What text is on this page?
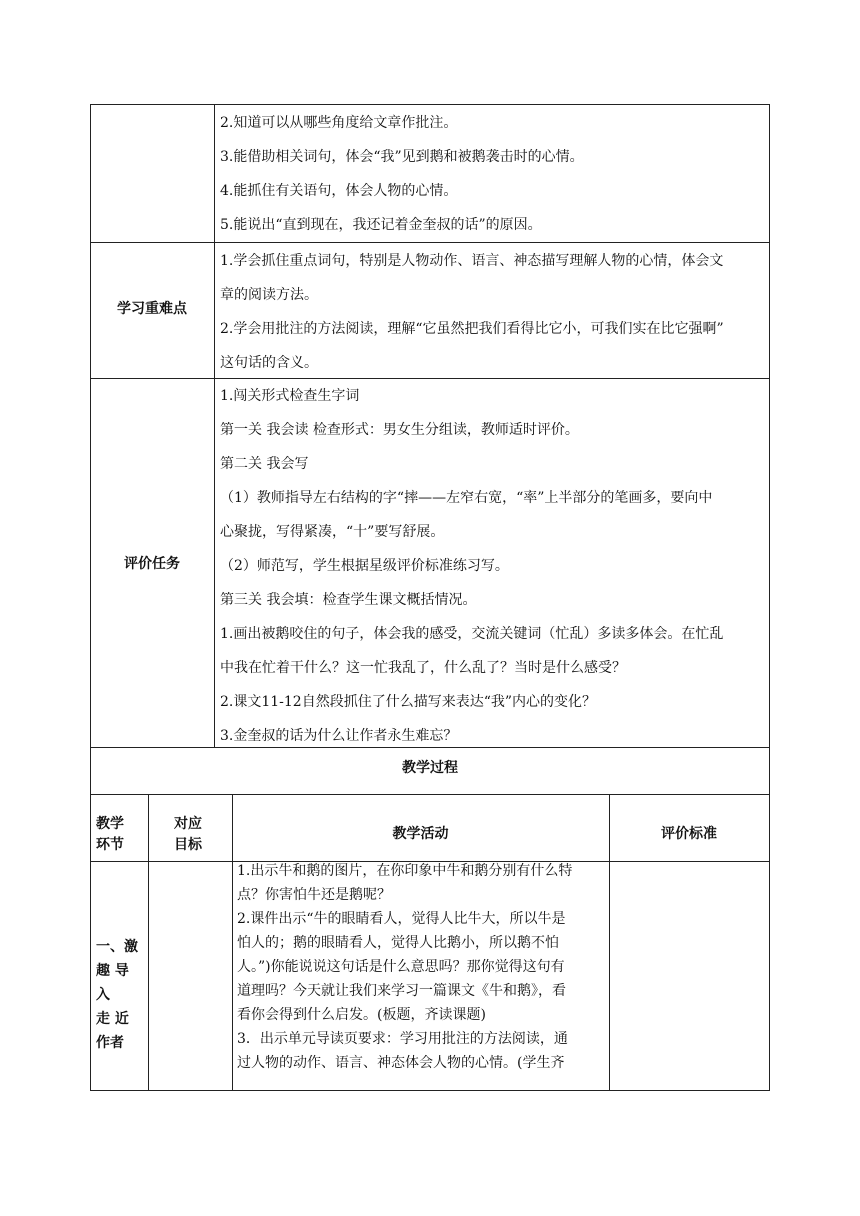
2.知道可以从哪些角度给文章作批注。
3.能借助相关词句，体会“我”见到鹅和被鹅袭击时的心情。
4.能抓住有关语句，体会人物的心情。
5.能说出“直到现在，我还记着金奎叔的话”的原因。
学习重难点
1.学会抓住重点词句，特别是人物动作、语言、神态描写理解人物的心情，体会文
章的阅读方法。
2.学会用批注的方法阅读，理解“它虽然把我们看得比它小，可我们实在比它强啊”
这句话的含义。
评价任务
1.闯关形式检查生字词
第一关 我会读 检查形式：男女生分组读，教师适时评价。
第二关 我会写
（1）教师指导左右结构的字“摔——左窄右宽，“率”上半部分的笔画多，要向中
心聚拢，写得紧凑，“十”要写舒展。
（2）师范写，学生根据星级评价标准练习写。
第三关 我会填：检查学生课文概括情况。
1.画出被鹅咬住的句子，体会我的感受，交流关键词（忙乱）多读多体会。在忙乱
中我在忙着干什么？这一忙我乱了，什么乱了？当时是什么感受？
2.课文11-12自然段抓住了什么描写来表达“我”内心的变化？
3.金奎叔的话为什么让作者永生难忘？
教学过程
教学
环节
对应
目标
教学活动	评价标准
一、激
趣 导
入
走 近
作者
1.出示牛和鹅的图片，在你印象中牛和鹅分别有什么特
点？你害怕牛还是鹅呢？
2.课件出示“牛的眼睛看人，觉得人比牛大，所以牛是
怕人的；鹅的眼睛看人，觉得人比鹅小，所以鹅不怕
人。”)你能说说这句话是什么意思吗？那你觉得这句有
道理吗？今天就让我们来学习一篇课文《牛和鹅》，看
看你会得到什么启发。(板题，齐读课题)
3．出示单元导读页要求：学习用批注的方法阅读，通
过人物的动作、语言、神态体会人物的心情。(学生齐
